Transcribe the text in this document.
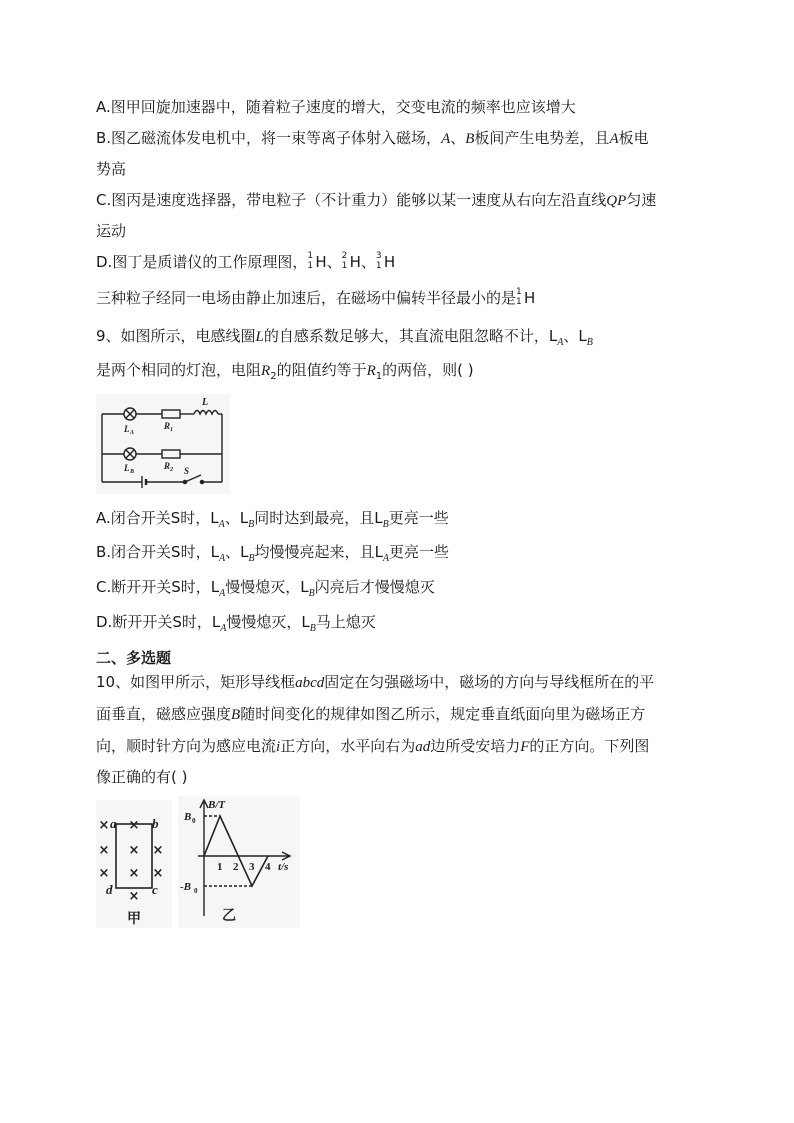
A.图甲回旋加速器中，随着粒子速度的增大，交变电流的频率也应该增大
B.图乙磁流体发电机中，将一束等离子体射入磁场，A、B板间产生电势差，且A板电
势高
C.图丙是速度选择器，带电粒子（不计重力）能够以某一速度从右向左沿直线QP匀速
运动
D.图丁是质谱仪的工作原理图， 1
1 H、 2
1 H、 3
1 H
三种粒子经同一电场由静止加速后，在磁场中偏转半径最小的是 1
1 H
9、如图所示，电感线圈L的自感系数足够大，其直流电阻忽略不计，$L_A$、$L_B$
是两个相同的灯泡，电阻$R_2$的阻值约等于$R_1$的两倍，则( )
L
L A
R 1
L B
R 2 S
A.闭合开关S时，$L_A$、$L_B$同时达到最亮，且$L_B$更亮一些
B.闭合开关S时，$L_A$、$L_B$均慢慢亮起来，且$L_A$更亮一些
C.断开开关S时，$L_A$慢慢熄灭，$L_B$闪亮后才慢慢熄灭
D.断开开关S时，$L_A$慢慢熄灭，$L_B$马上熄灭
二、多选题
10、如图甲所示，矩形导线框abcd固定在匀强磁场中，磁场的方向与导线框所在的平
面垂直，磁感应强度B随时间变化的规律如图乙所示，规定垂直纸面向里为磁场正方
向，顺时针方向为感应电流i正方向，水平向右为ad边所受安培力F的正方向。下列图
像正确的有( )
×
×
×
×
×
×
×
×
×
甲
a	b
c
d
B/T
t/s
B 0
-B 0
1 2 3 4
乙
